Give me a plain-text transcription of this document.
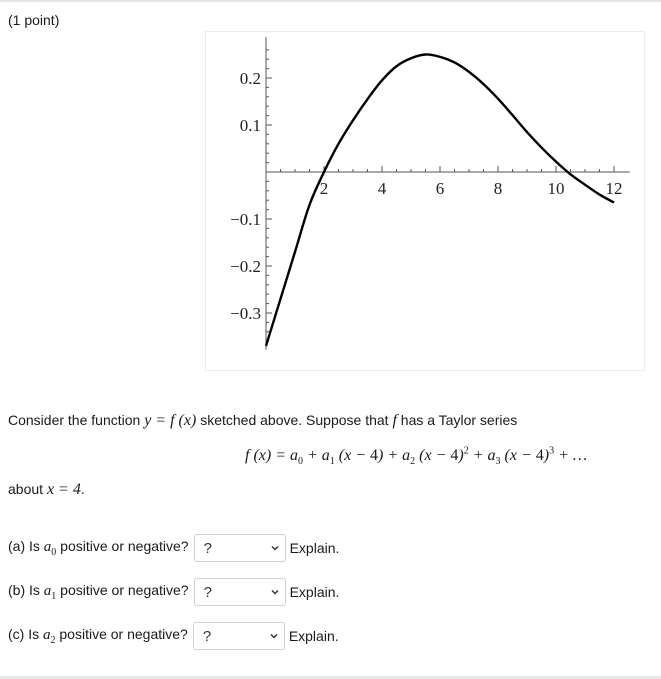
(1 point)
2	4	6	8	10 12
0.2
0.1
−0.1
−0.2
−0.3
Consider the function y = f (x) sketched above. Suppose that f has a Taylor series
f $(x) = a_0 + a_1$ $(x - 4) + a_2$ $(x - 4)^2 + a_3$ $(x - 4)^3$ + …
about x = 4.
(a) Is $a_0$ positive or negative? ?	Explain.
(b) Is $a_1$ positive or negative? ?	Explain.
(c) Is $a_2$ positive or negative? ?	Explain.
